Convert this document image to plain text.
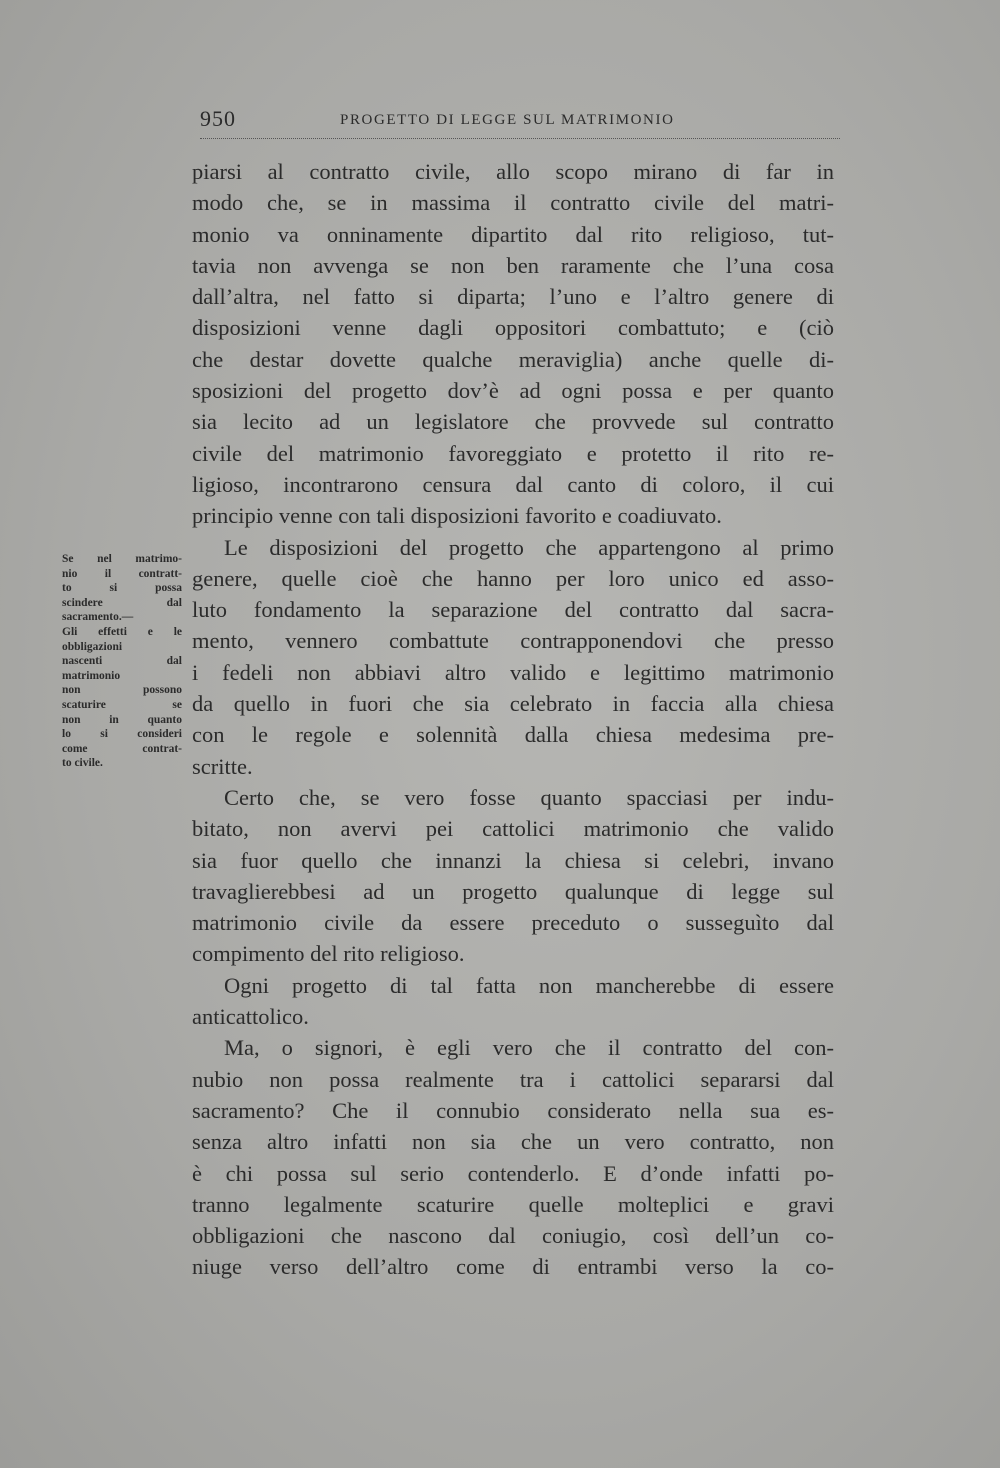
950	PROGETTO DI LEGGE SUL MATRIMONIO
Se nel matrimo-
nio il contratt-
to si possa
scindere dal
sacramento.—
Gli effetti e le
obbligazioni
nascenti dal
matrimonio
non possono
scaturire se
non in quanto
lo si consideri
come contrat-
to civile.
piarsi al contratto civile, allo scopo mirano di far in
modo che, se in massima il contratto civile del matri-
monio va onninamente dipartito dal rito religioso, tut-
tavia non avvenga se non ben raramente che l’una cosa
dall’altra, nel fatto si diparta; l’uno e l’altro genere di
disposizioni venne dagli oppositori combattuto; e (ciò
che destar dovette qualche meraviglia) anche quelle di-
sposizioni del progetto dov’è ad ogni possa e per quanto
sia lecito ad un legislatore che provvede sul contratto
civile del matrimonio favoreggiato e protetto il rito re-
ligioso, incontrarono censura dal canto di coloro, il cui
principio venne con tali disposizioni favorito e coadiuvato.
Le disposizioni del progetto che appartengono al primo
genere, quelle cioè che hanno per loro unico ed asso-
luto fondamento la separazione del contratto dal sacra-
mento, vennero combattute contrapponendovi che presso
i fedeli non abbiavi altro valido e legittimo matrimonio
da quello in fuori che sia celebrato in faccia alla chiesa
con le regole e solennità dalla chiesa medesima pre-
scritte.
Certo che, se vero fosse quanto spacciasi per indu-
bitato, non avervi pei cattolici matrimonio che valido
sia fuor quello che innanzi la chiesa si celebri, invano
travaglierebbesi ad un progetto qualunque di legge sul
matrimonio civile da essere preceduto o susseguìto dal
compimento del rito religioso.
Ogni progetto di tal fatta non mancherebbe di essere
anticattolico.
Ma, o signori, è egli vero che il contratto del con-
nubio non possa realmente tra i cattolici separarsi dal
sacramento? Che il connubio considerato nella sua es-
senza altro infatti non sia che un vero contratto, non
è chi possa sul serio contenderlo. E d’onde infatti po-
tranno legalmente scaturire quelle molteplici e gravi
obbligazioni che nascono dal coniugio, così dell’un co-
niuge verso dell’altro come di entrambi verso la co-
